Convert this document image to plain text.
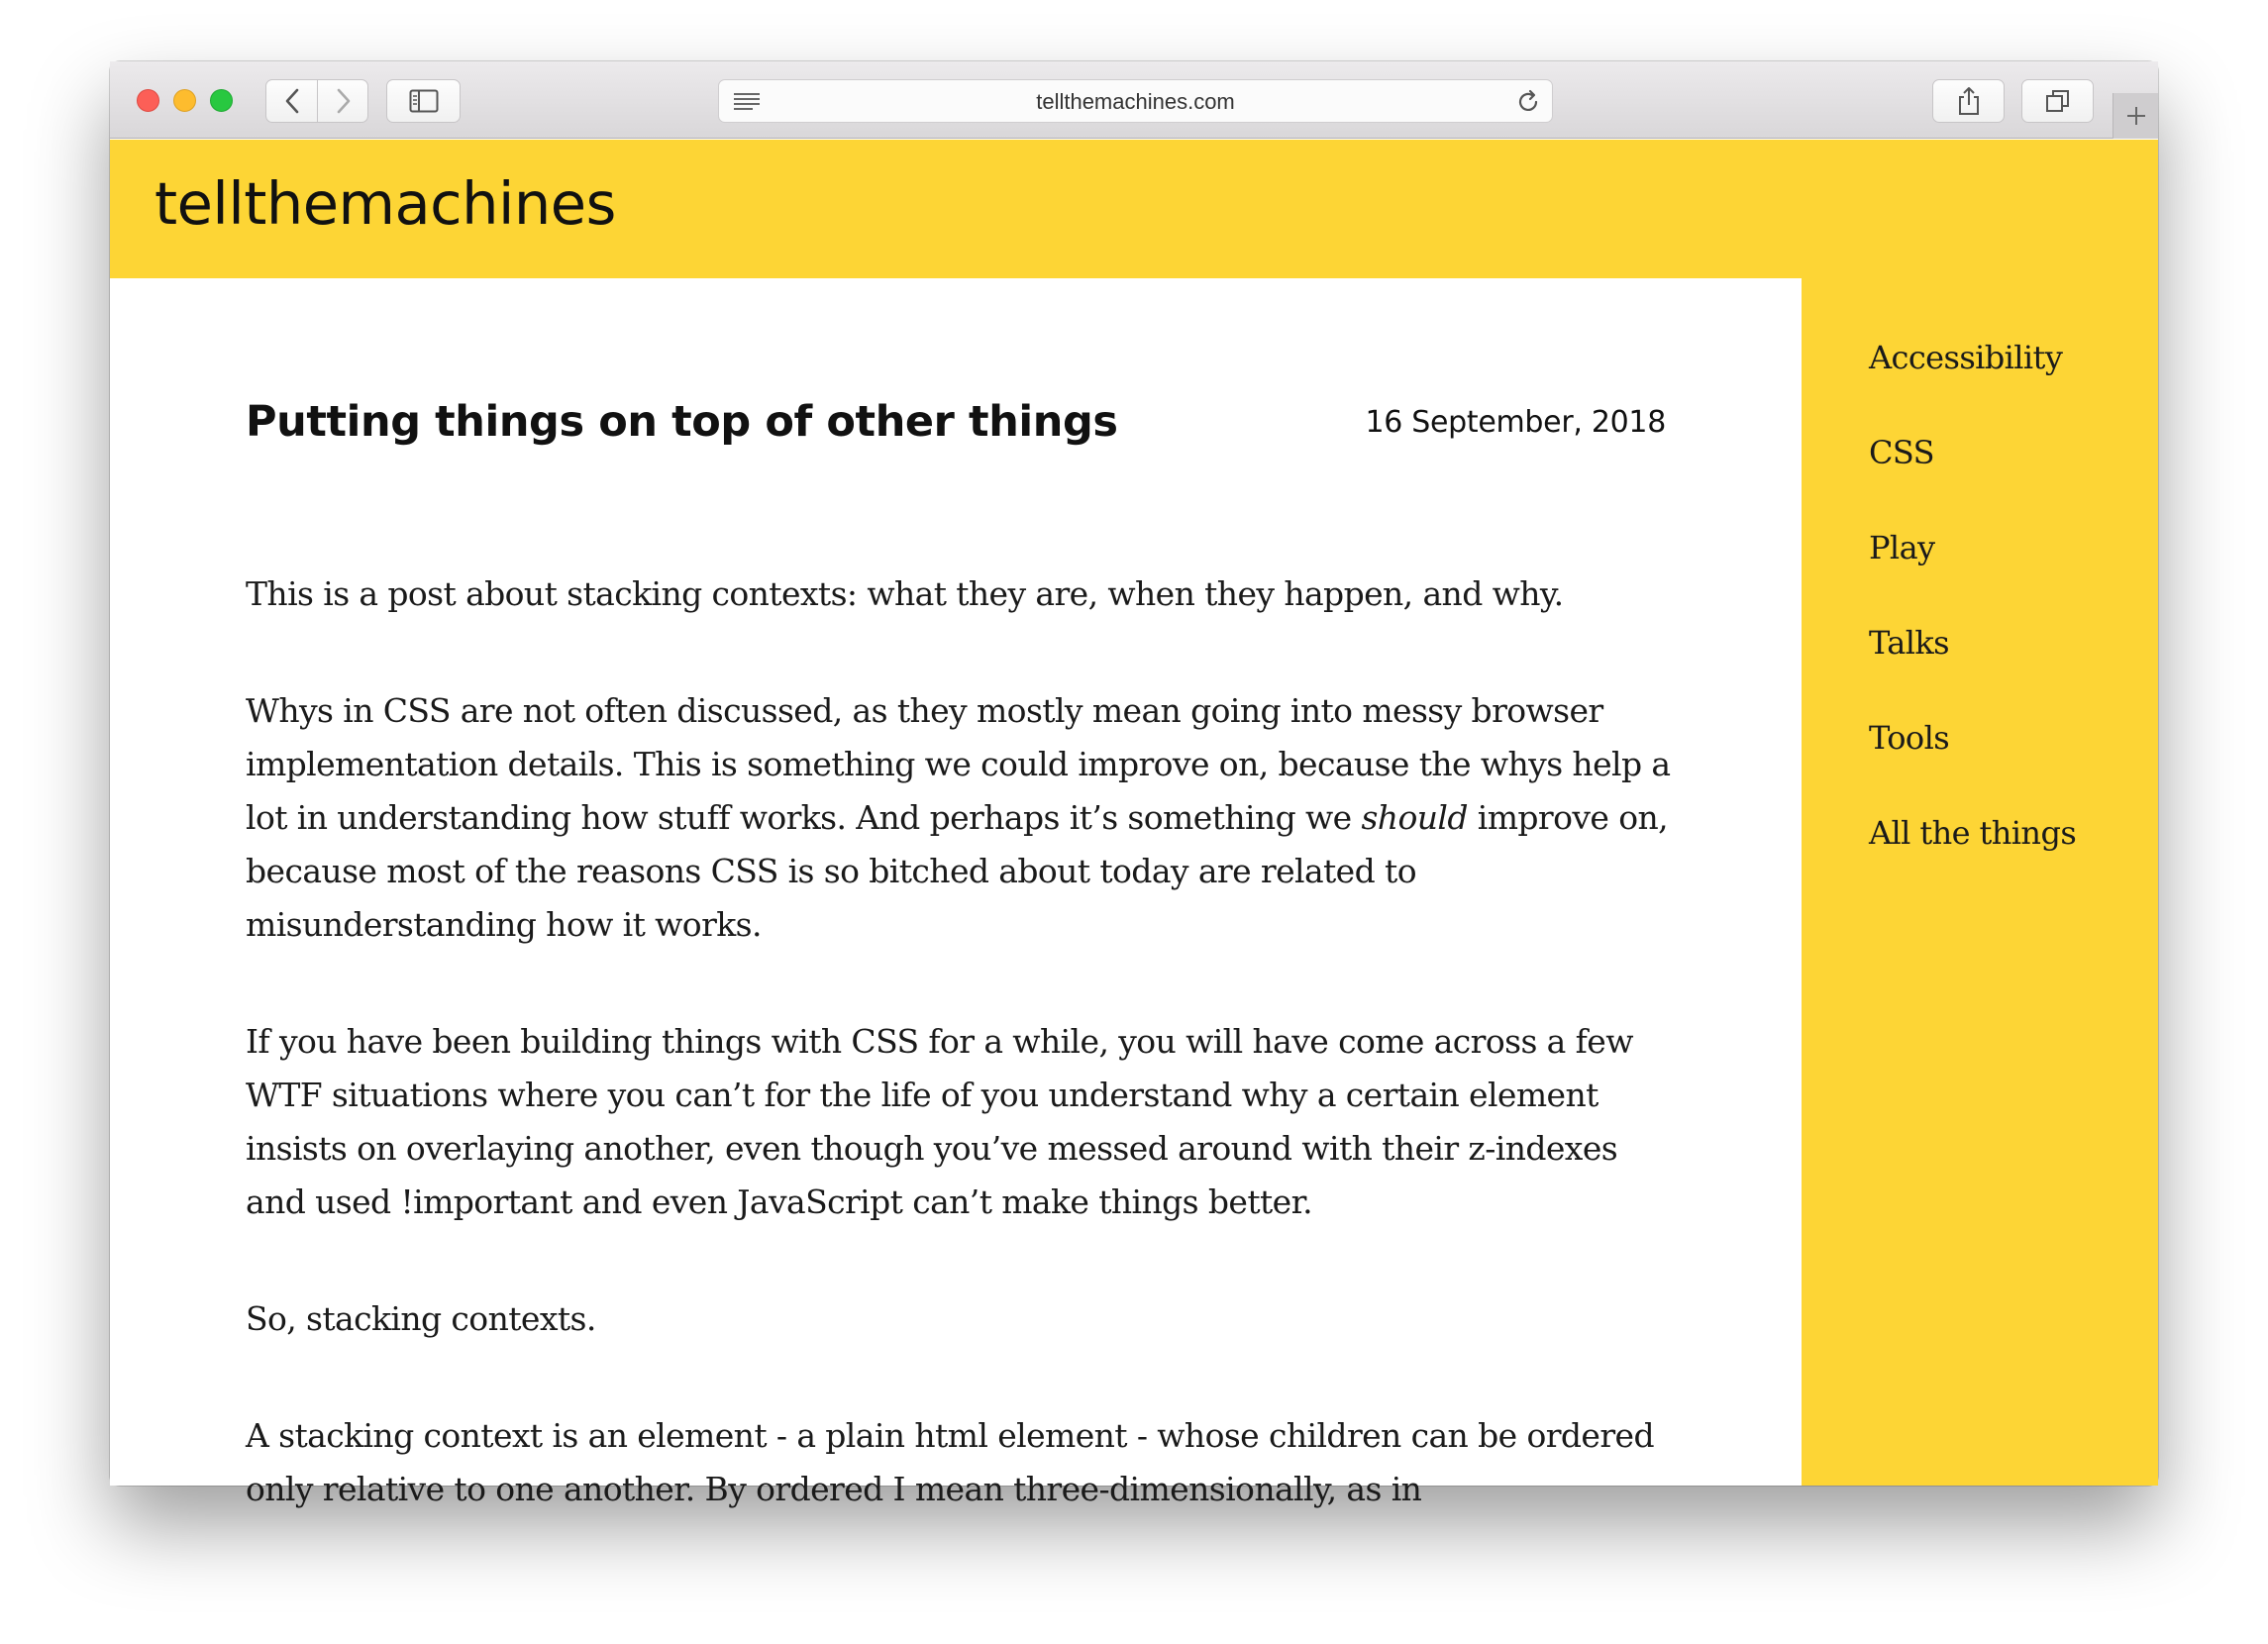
tellthemachines.com
tellthemachines
Putting things on top of other things	16 September, 2018

This is a post about stacking contexts: what they are, when they happen, and why.

Whys in CSS are not often discussed, as they mostly mean going into messy browser implementation details. This is something we could improve on, because the whys help a lot in understanding how stuff works. And perhaps it’s something we should improve on, because most of the reasons CSS is so bitched about today are related to misunderstanding how it works.

If you have been building things with CSS for a while, you will have come across a few WTF situations where you can’t for the life of you understand why a certain element insists on overlaying another, even though you’ve messed around with their z-indexes and used !important and even JavaScript can’t make things better.

So, stacking contexts.

A stacking context is an element - a plain html element - whose children can be ordered only relative to one another. By ordered I mean three-dimensionally, as in

Accessibility
CSS
Play
Talks
Tools
All the things
